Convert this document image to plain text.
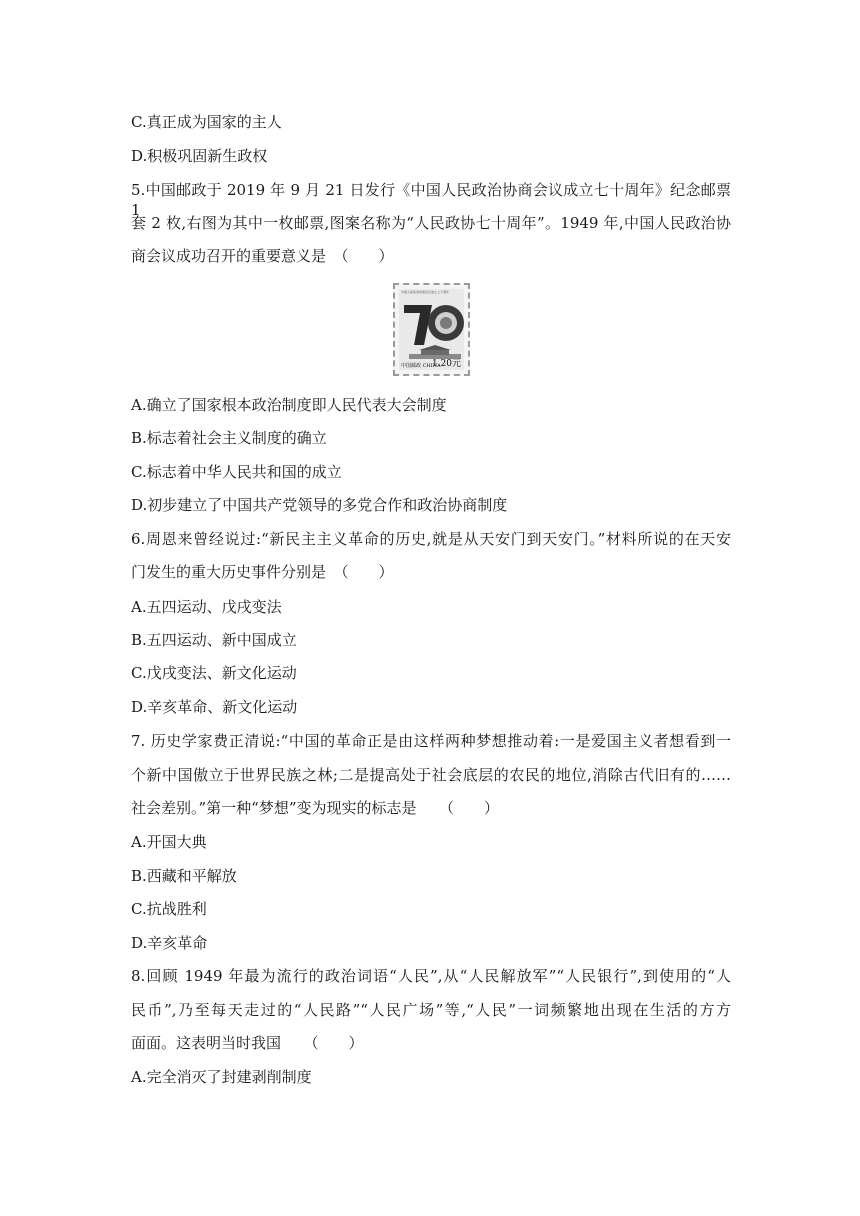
C.真正成为国家的主人
D.积极巩固新生政权
5.中国邮政于 2019 年 9 月 21 日发行《中国人民政治协商会议成立七十周年》纪念邮票 1
套 2 枚,右图为其中一枚邮票,图案名称为“人民政协七十周年”。1949 年,中国人民政治协
商会议成功召开的重要意义是　（　　）
中国人民政治协商会议成立七十周年
中国邮政 CHINA
1.20元
A.确立了国家根本政治制度即人民代表大会制度
B.标志着社会主义制度的确立
C.标志着中华人民共和国的成立
D.初步建立了中国共产党领导的多党合作和政治协商制度
6.周恩来曾经说过:“新民主主义革命的历史,就是从天安门到天安门。”材料所说的在天安
门发生的重大历史事件分别是　（　　）
A.五四运动、戊戌变法
B.五四运动、新中国成立
C.戊戌变法、新文化运动
D.辛亥革命、新文化运动
7. 历史学家费正清说:“中国的革命正是由这样两种梦想推动着:一是爱国主义者想看到一
个新中国傲立于世界民族之林;二是提高处于社会底层的农民的地位,消除古代旧有的……
社会差别。”第一种“梦想”变为现实的标志是　　（　　）
A.开国大典
B.西藏和平解放
C.抗战胜利
D.辛亥革命
8.回顾 1949 年最为流行的政治词语“人民”,从“人民解放军”“人民银行”,到使用的“人
民币”,乃至每天走过的“人民路”“人民广场”等,“人民”一词频繁地出现在生活的方方
面面。这表明当时我国　　（　　）
A.完全消灭了封建剥削制度
